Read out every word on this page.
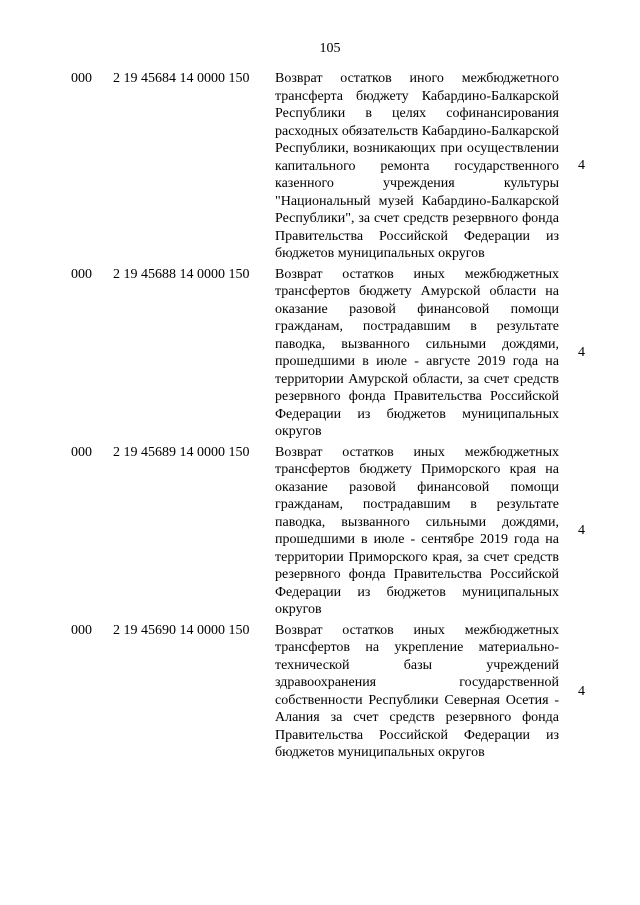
105
000 2 19 45684 14 0000 150 Возврат остатков иного межбюджетного трансферта бюджету Кабардино-Балкарской Республики в целях софинансирования расходных обязательств Кабардино-Балкарской Республики, возникающих при осуществлении капитального ремонта государственного казенного учреждения культуры "Национальный музей Кабардино-Балкарской Республики", за счет средств резервного фонда Правительства Российской Федерации из бюджетов муниципальных округов
4
000 2 19 45688 14 0000 150 Возврат остатков иных межбюджетных трансфертов бюджету Амурской области на оказание разовой финансовой помощи гражданам, пострадавшим в результате паводка, вызванного сильными дождями, прошедшими в июле - августе 2019 года на территории Амурской области, за счет средств резервного фонда Правительства Российской Федерации из бюджетов муниципальных округов
4
000 2 19 45689 14 0000 150 Возврат остатков иных межбюджетных трансфертов бюджету Приморского края на оказание разовой финансовой помощи гражданам, пострадавшим в результате паводка, вызванного сильными дождями, прошедшими в июле - сентябре 2019 года на территории Приморского края, за счет средств резервного фонда Правительства Российской Федерации из бюджетов муниципальных округов
4
000 2 19 45690 14 0000 150 Возврат остатков иных межбюджетных трансфертов на укрепление материально-технической базы учреждений здравоохранения государственной собственности Республики Северная Осетия - Алания за счет средств резервного фонда Правительства Российской Федерации из бюджетов муниципальных округов
4
